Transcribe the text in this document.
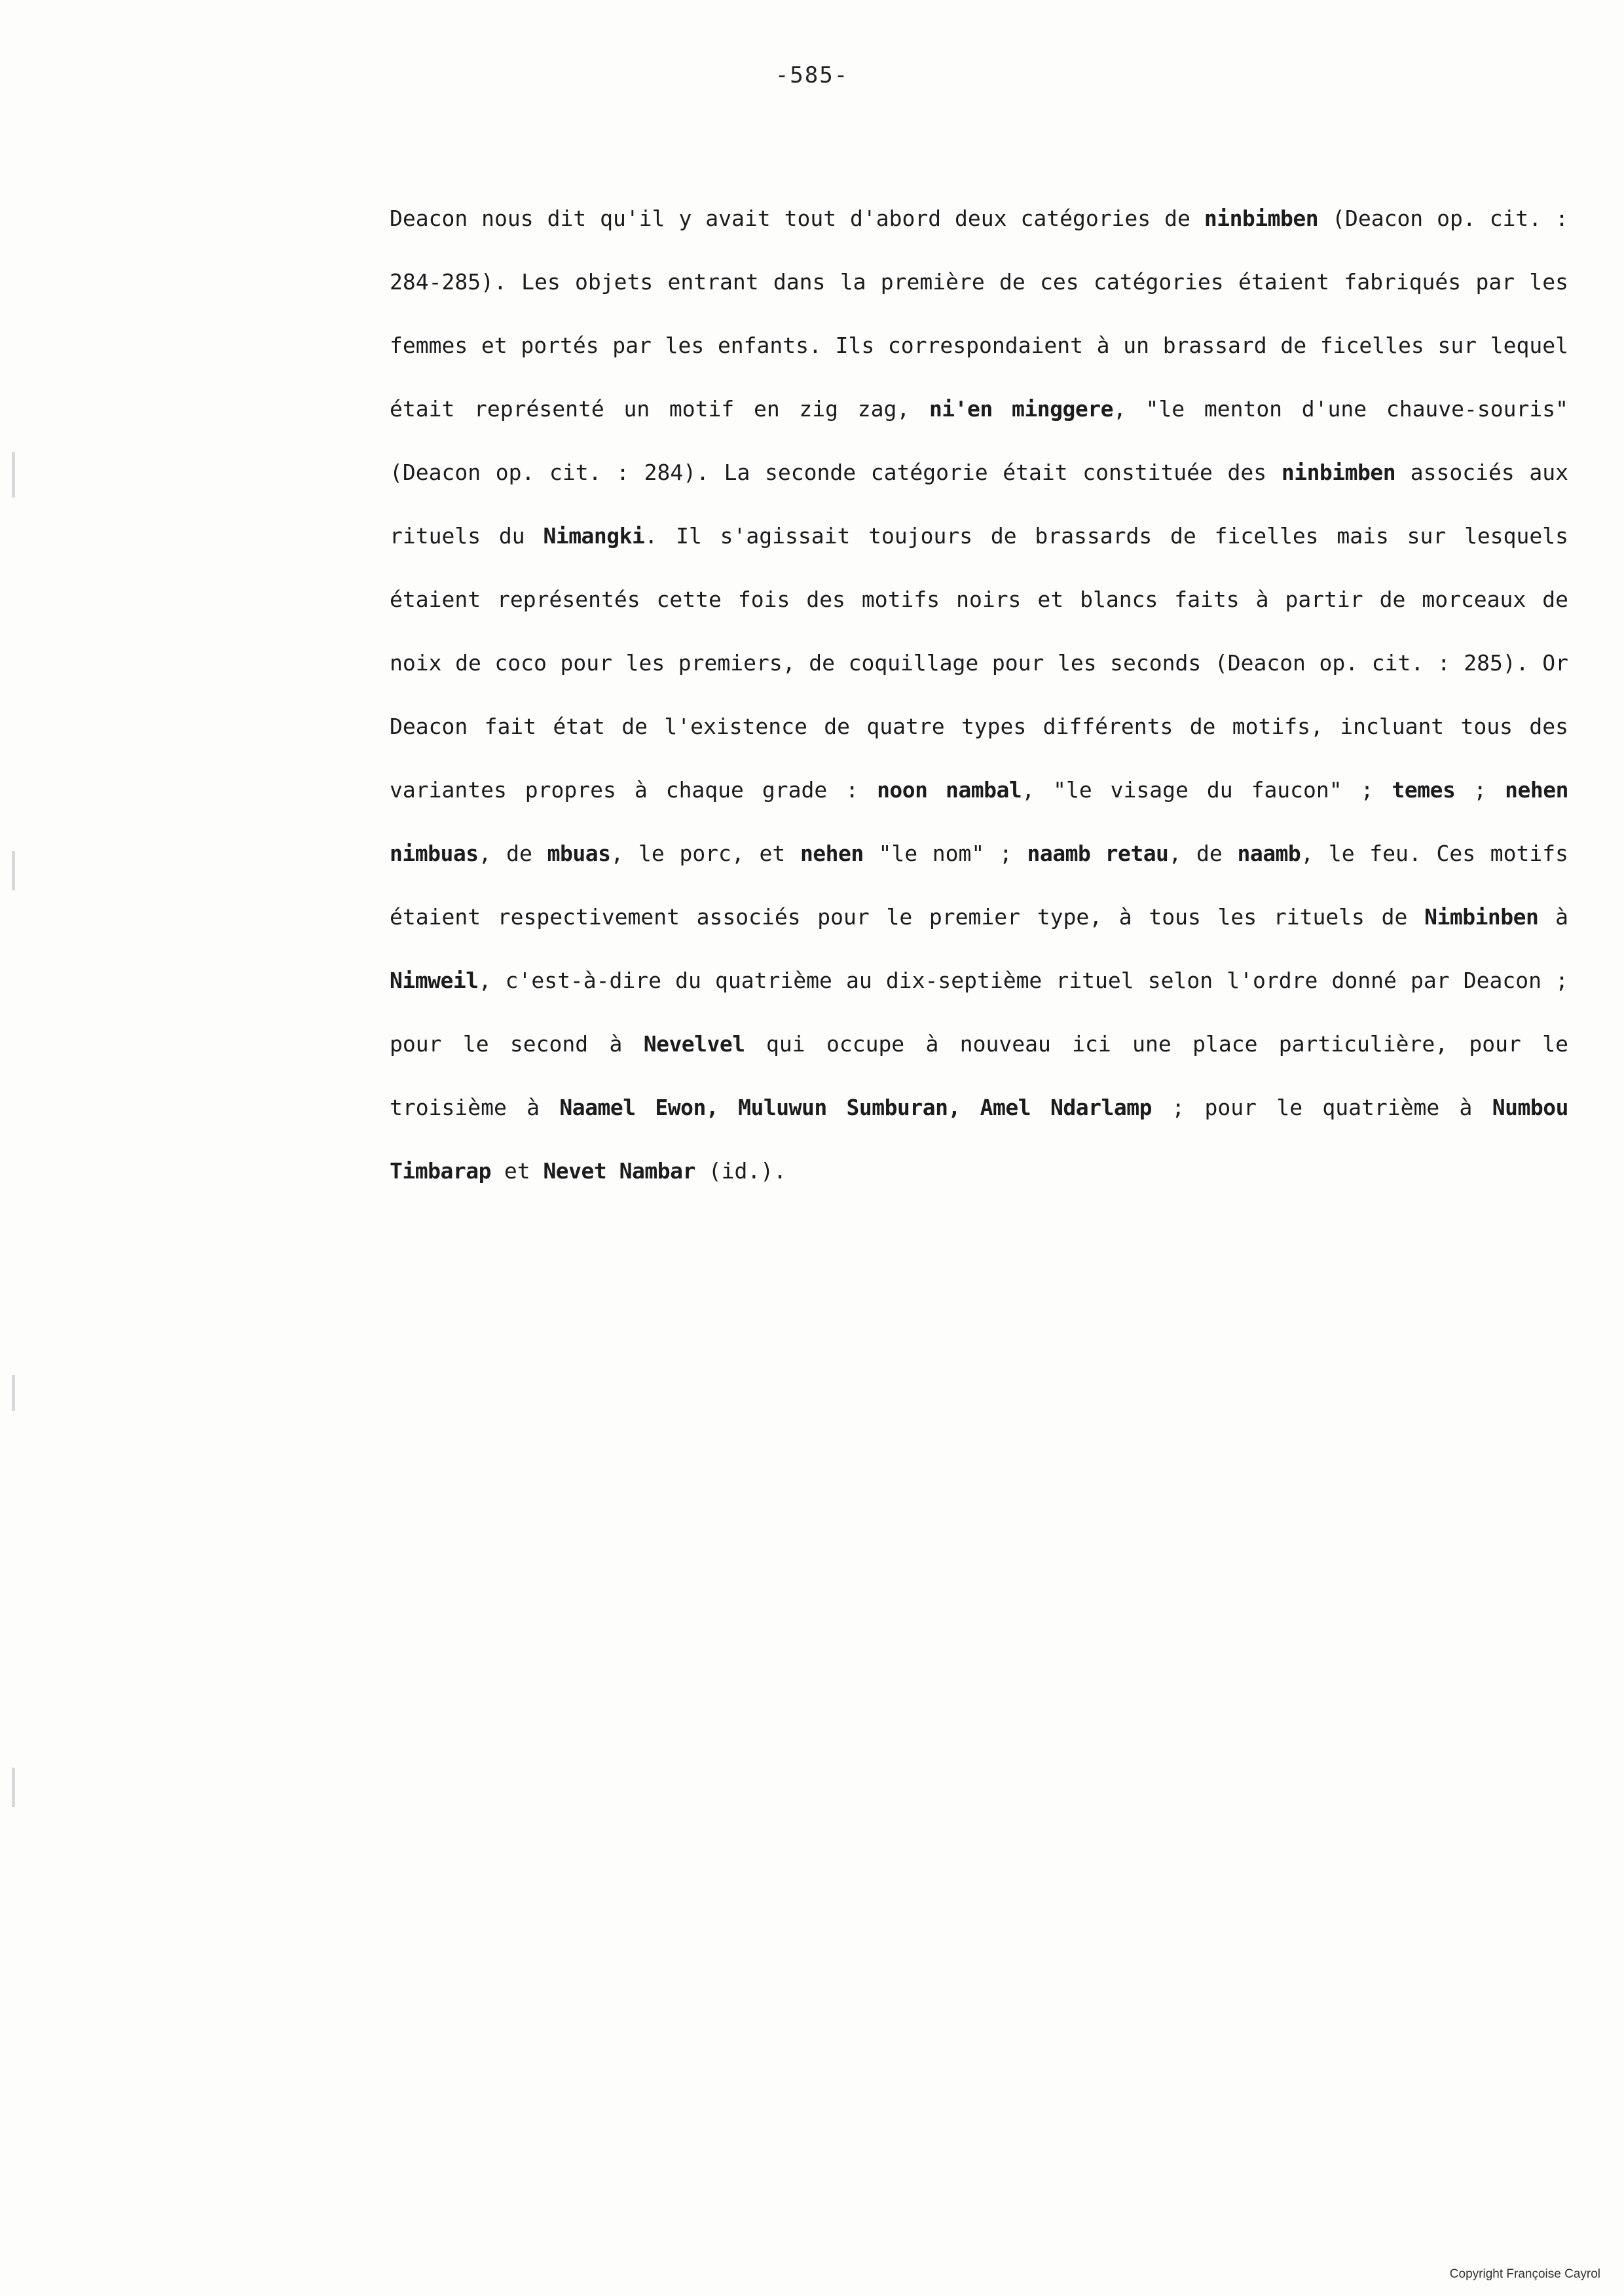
-585-

Deacon nous dit qu'il y avait tout d'abord deux catégories de ninbimben (Deacon op. cit. : 284-285). Les objets entrant dans la première de ces catégories étaient fabriqués par les femmes et portés par les enfants. Ils correspondaient à un brassard de ficelles sur lequel était représenté un motif en zig zag, ni'en minggere, "le menton d'une chauve-souris" (Deacon op. cit. : 284). La seconde catégorie était constituée des ninbimben associés aux rituels du Nimangki. Il s'agissait toujours de brassards de ficelles mais sur lesquels étaient représentés cette fois des motifs noirs et blancs faits à partir de morceaux de noix de coco pour les premiers, de coquillage pour les seconds (Deacon op. cit. : 285). Or Deacon fait état de l'existence de quatre types différents de motifs, incluant tous des variantes propres à chaque grade : noon nambal, "le visage du faucon" ; temes ; nehen nimbuas, de mbuas, le porc, et nehen "le nom" ; naamb retau, de naamb, le feu. Ces motifs étaient respectivement associés pour le premier type, à tous les rituels de Nimbinben à Nimweil, c'est-à-dire du quatrième au dix-septième rituel selon l'ordre donné par Deacon ; pour le second à Nevelvel qui occupe à nouveau ici une place particulière, pour le troisième à Naamel Ewon, Muluwun Sumburan, Amel Ndarlamp ; pour le quatrième à Numbou Timbarap et Nevet Nambar (id.).

Copyright Françoise Cayrol
